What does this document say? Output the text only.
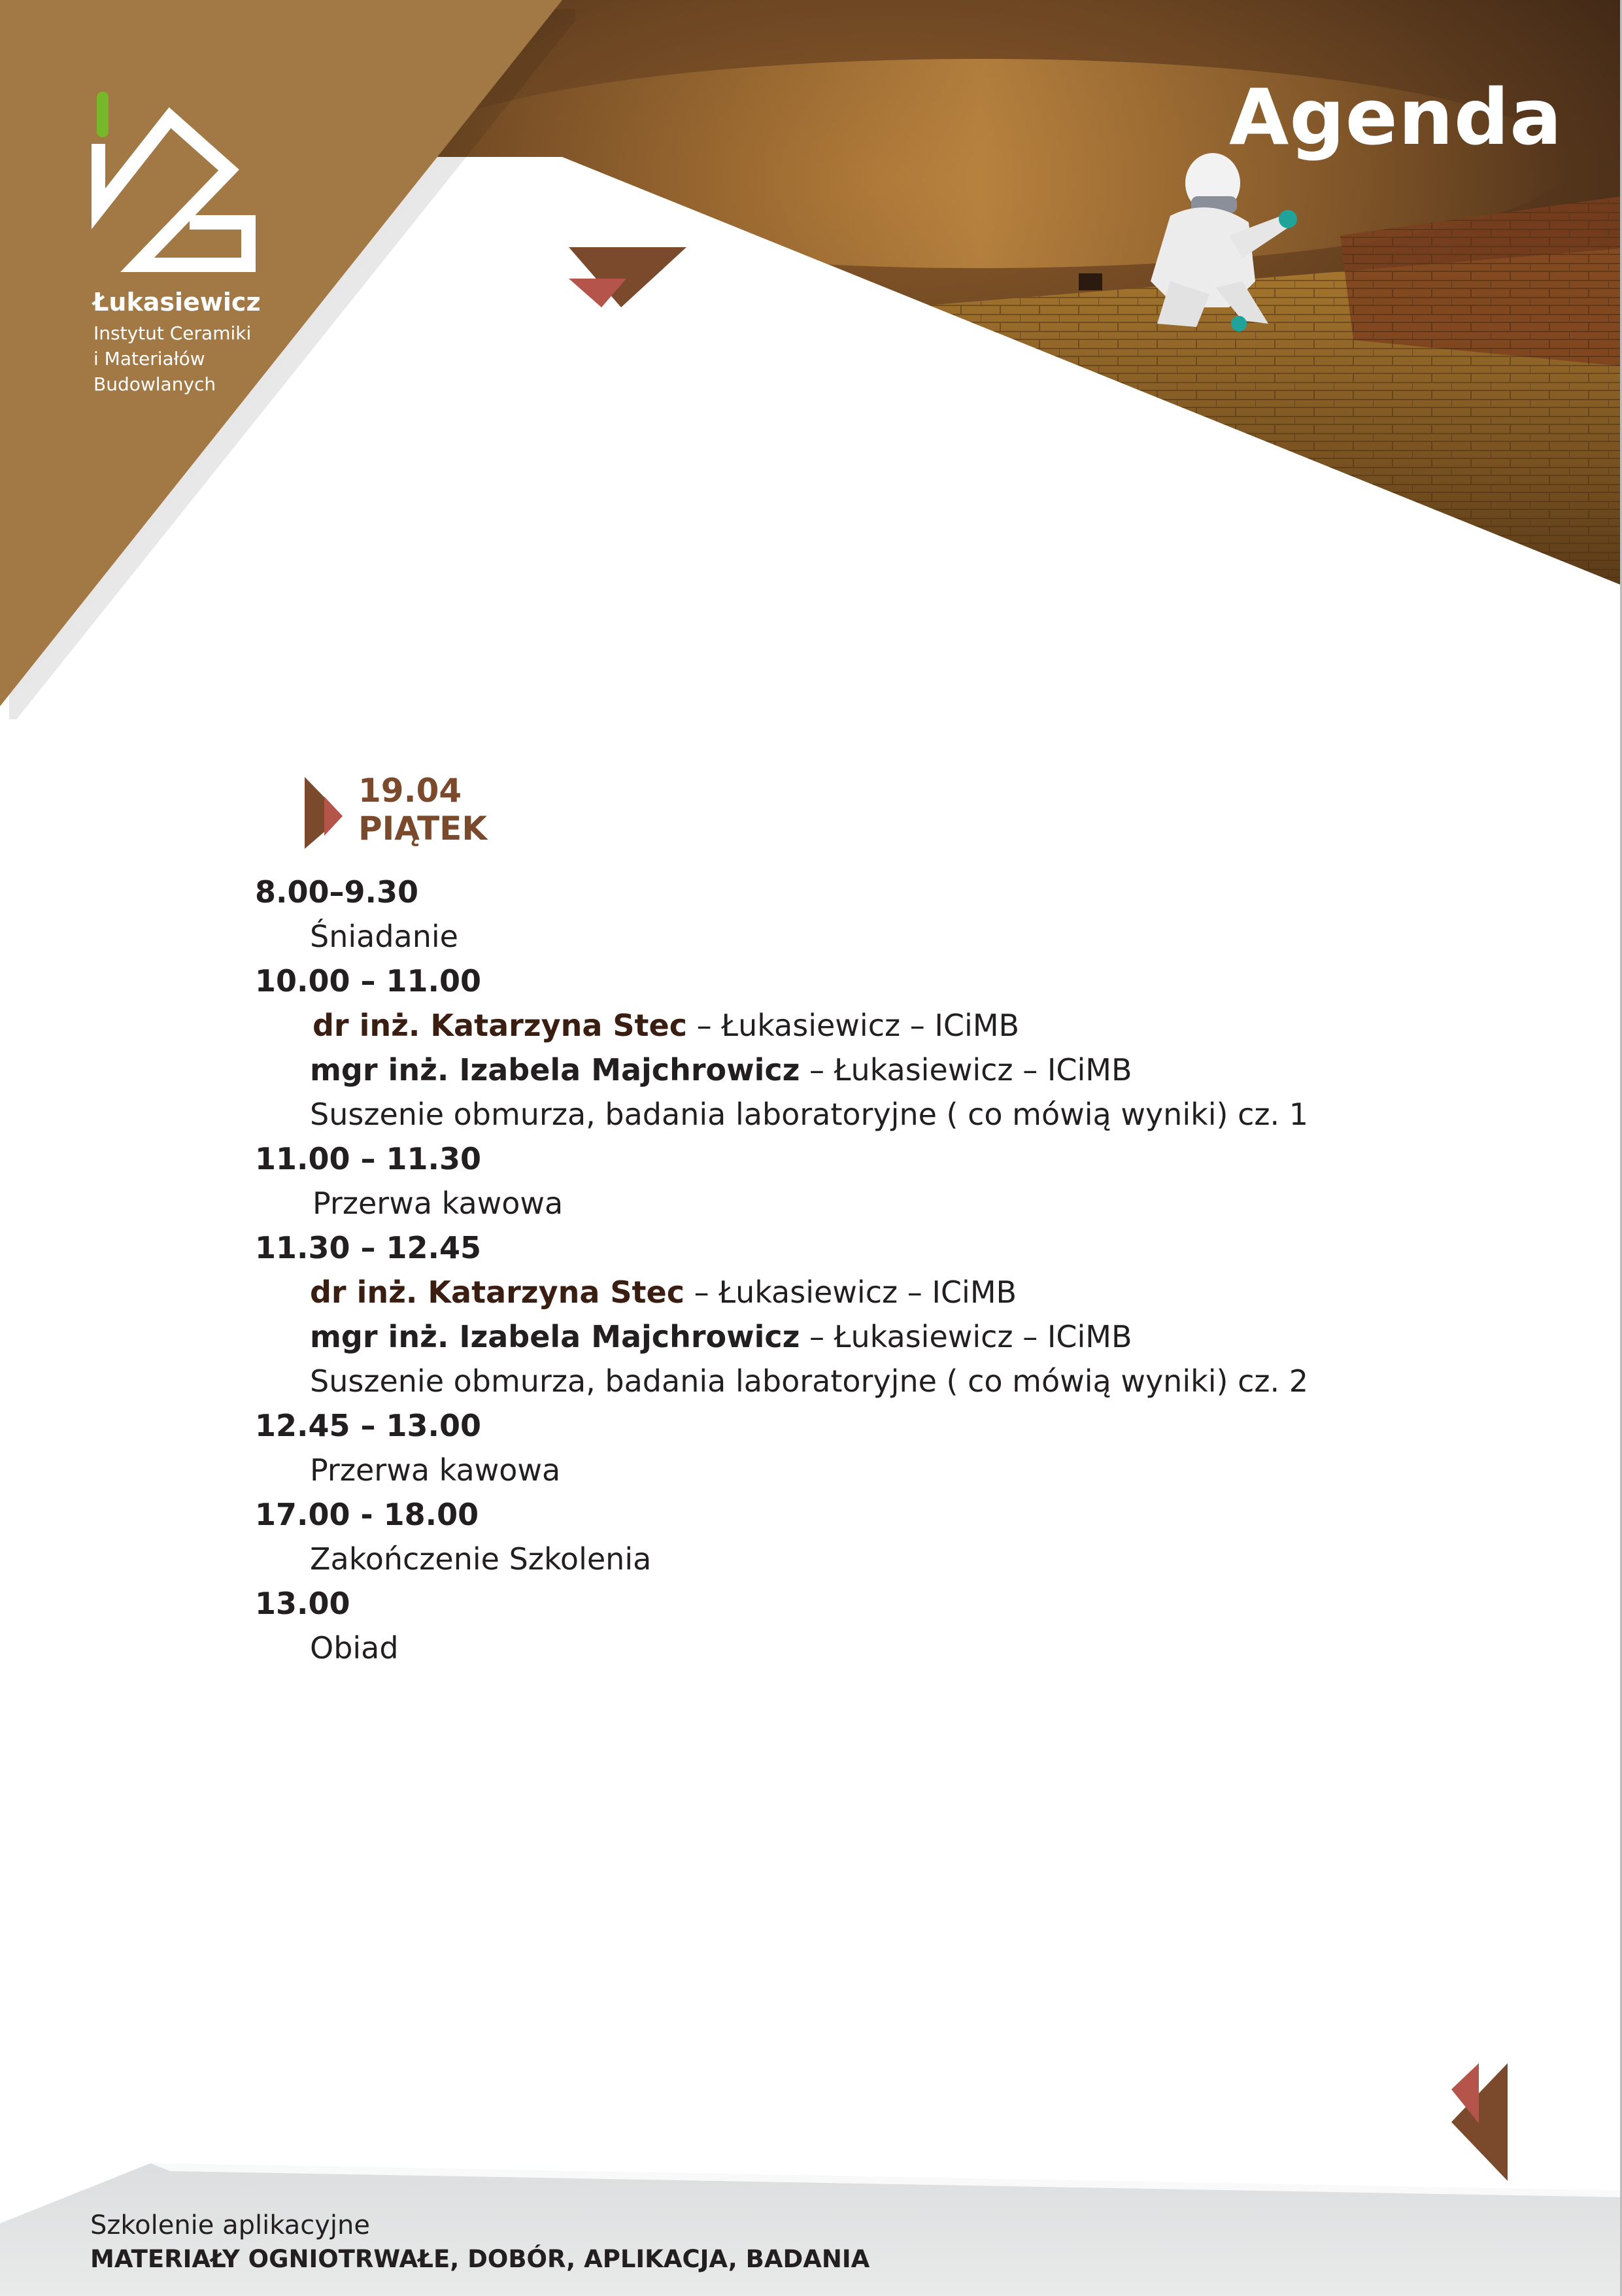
Łukasiewicz
Instytut Ceramiki
i Materiałów
Budowlanych
Agenda
19.04
PIĄTEK
8.00–9.30
Śniadanie
10.00 – 11.00
dr inż. Katarzyna Stec – Łukasiewicz – ICiMB
mgr inż. Izabela Majchrowicz – Łukasiewicz – ICiMB
Suszenie obmurza, badania laboratoryjne ( co mówią wyniki) cz. 1
11.00 – 11.30
Przerwa kawowa
11.30 – 12.45
dr inż. Katarzyna Stec – Łukasiewicz – ICiMB
mgr inż. Izabela Majchrowicz – Łukasiewicz – ICiMB
Suszenie obmurza, badania laboratoryjne ( co mówią wyniki) cz. 2
12.45 – 13.00
Przerwa kawowa
17.00 - 18.00
Zakończenie Szkolenia
13.00
Obiad
Szkolenie aplikacyjne
MATERIAŁY OGNIOTRWAŁE, DOBÓR, APLIKACJA, BADANIA
